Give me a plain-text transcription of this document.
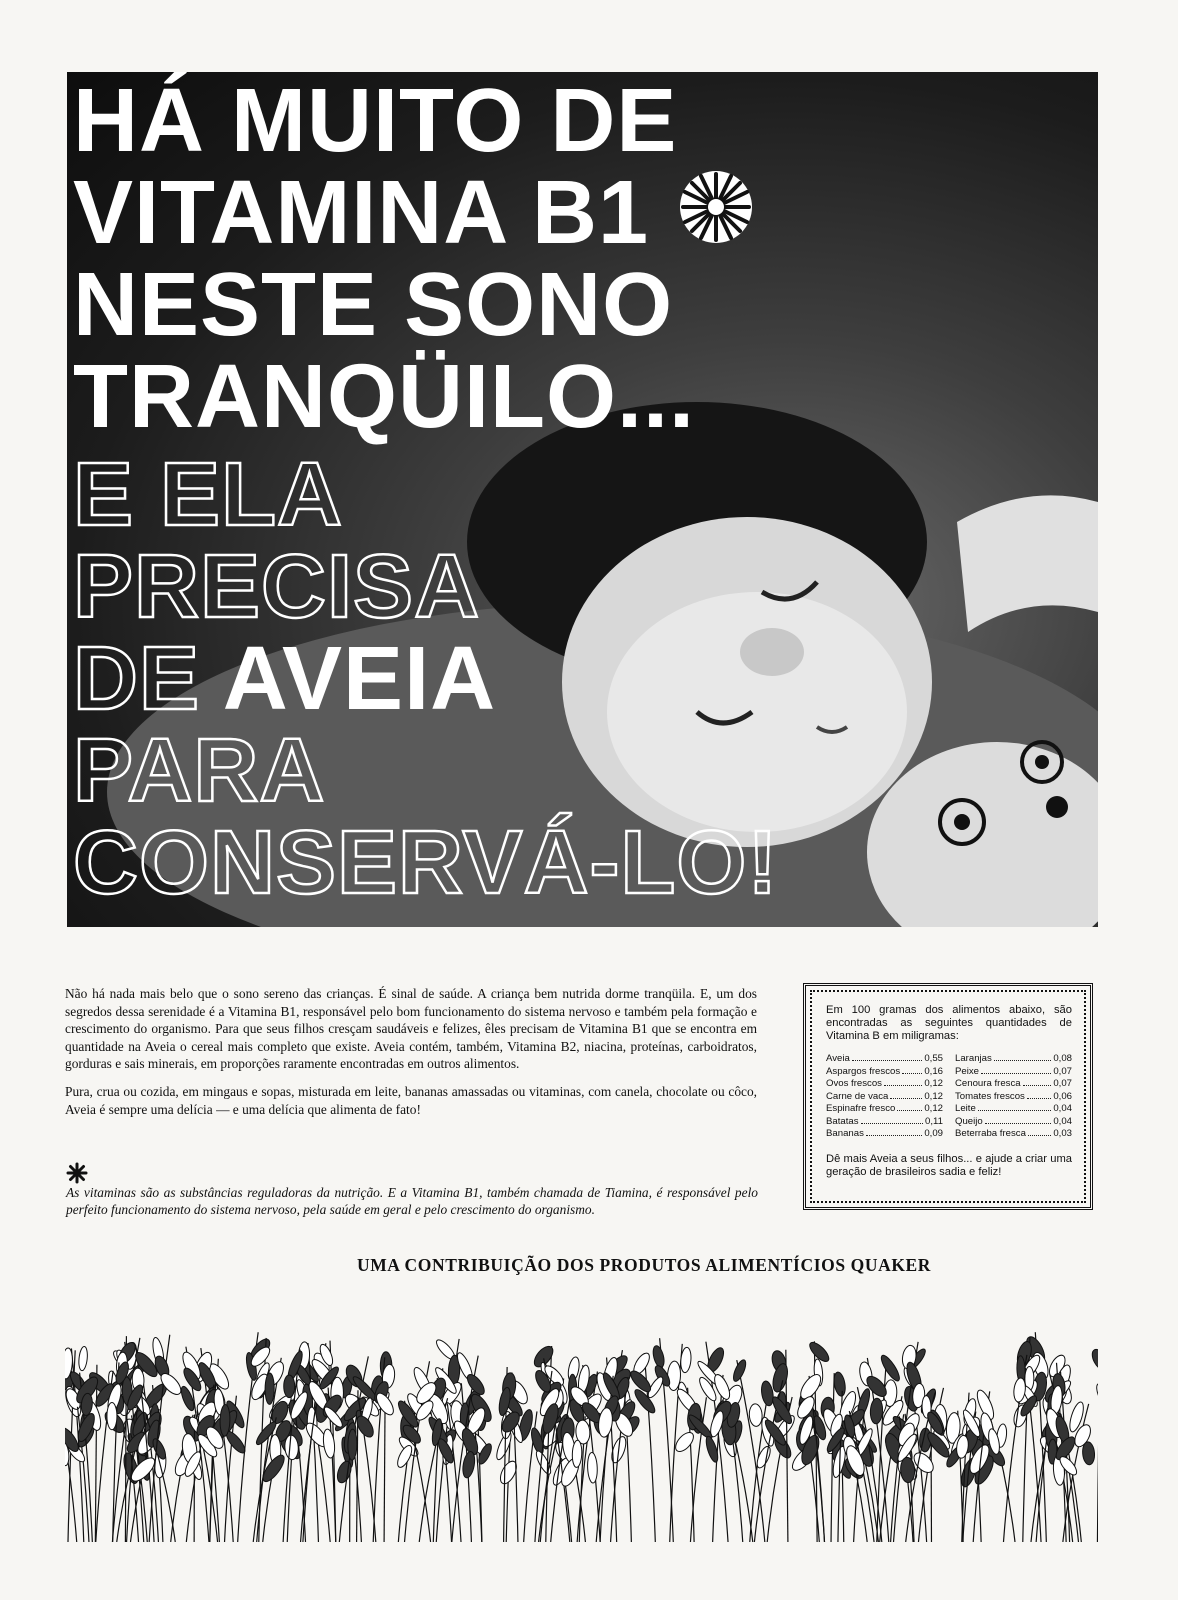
HÁ MUITO DE
VITAMINA B1
NESTE SONO
TRANQÜILO...
E ELA
PRECISA
DE AVEIA
PARA
CONSERVÁ-LO!

Não há nada mais belo que o sono sereno das crianças. É sinal de saúde. A criança bem nutrida dorme tranqüila. E, um dos segredos dessa serenidade é a Vitamina B1, responsável pelo bom funcionamento do sistema nervoso e também pela formação e crescimento do organismo. Para que seus filhos cresçam saudáveis e felizes, êles precisam de Vitamina B1 que se encontra em quantidade na Aveia o cereal mais completo que existe. Aveia contém, também, Vitamina B2, niacina, proteínas, carboidratos, gorduras e sais minerais, em proporções raramente encontradas em outros alimentos.

Pura, crua ou cozida, em mingaus e sopas, misturada em leite, bananas amassadas ou vitaminas, com canela, chocolate ou côco, Aveia é sempre uma delícia — e uma delícia que alimenta de fato!

As vitaminas são as substâncias reguladoras da nutrição. E a Vitamina B1, também chamada de Tiamina, é responsável pelo perfeito funcionamento do sistema nervoso, pela saúde em geral e pelo crescimento do organismo.

Em 100 gramas dos alimentos abaixo, são encontradas as seguintes quantidades de Vitamina B em miligramas:

Aveia	0,55
Aspargos frescos	0,16
Ovos frescos	0,12
Carne de vaca	0,12
Espinafre fresco	0,12
Batatas	0,11
Bananas	0,09
Laranjas	0,08
Peixe	0,07
Cenoura fresca	0,07
Tomates frescos	0,06
Leite	0,04
Queijo	0,04
Beterraba fresca	0,03

Dê mais Aveia a seus filhos... e ajude a criar uma geração de brasileiros sadia e feliz!

UMA CONTRIBUIÇÃO DOS PRODUTOS ALIMENTÍCIOS QUAKER
